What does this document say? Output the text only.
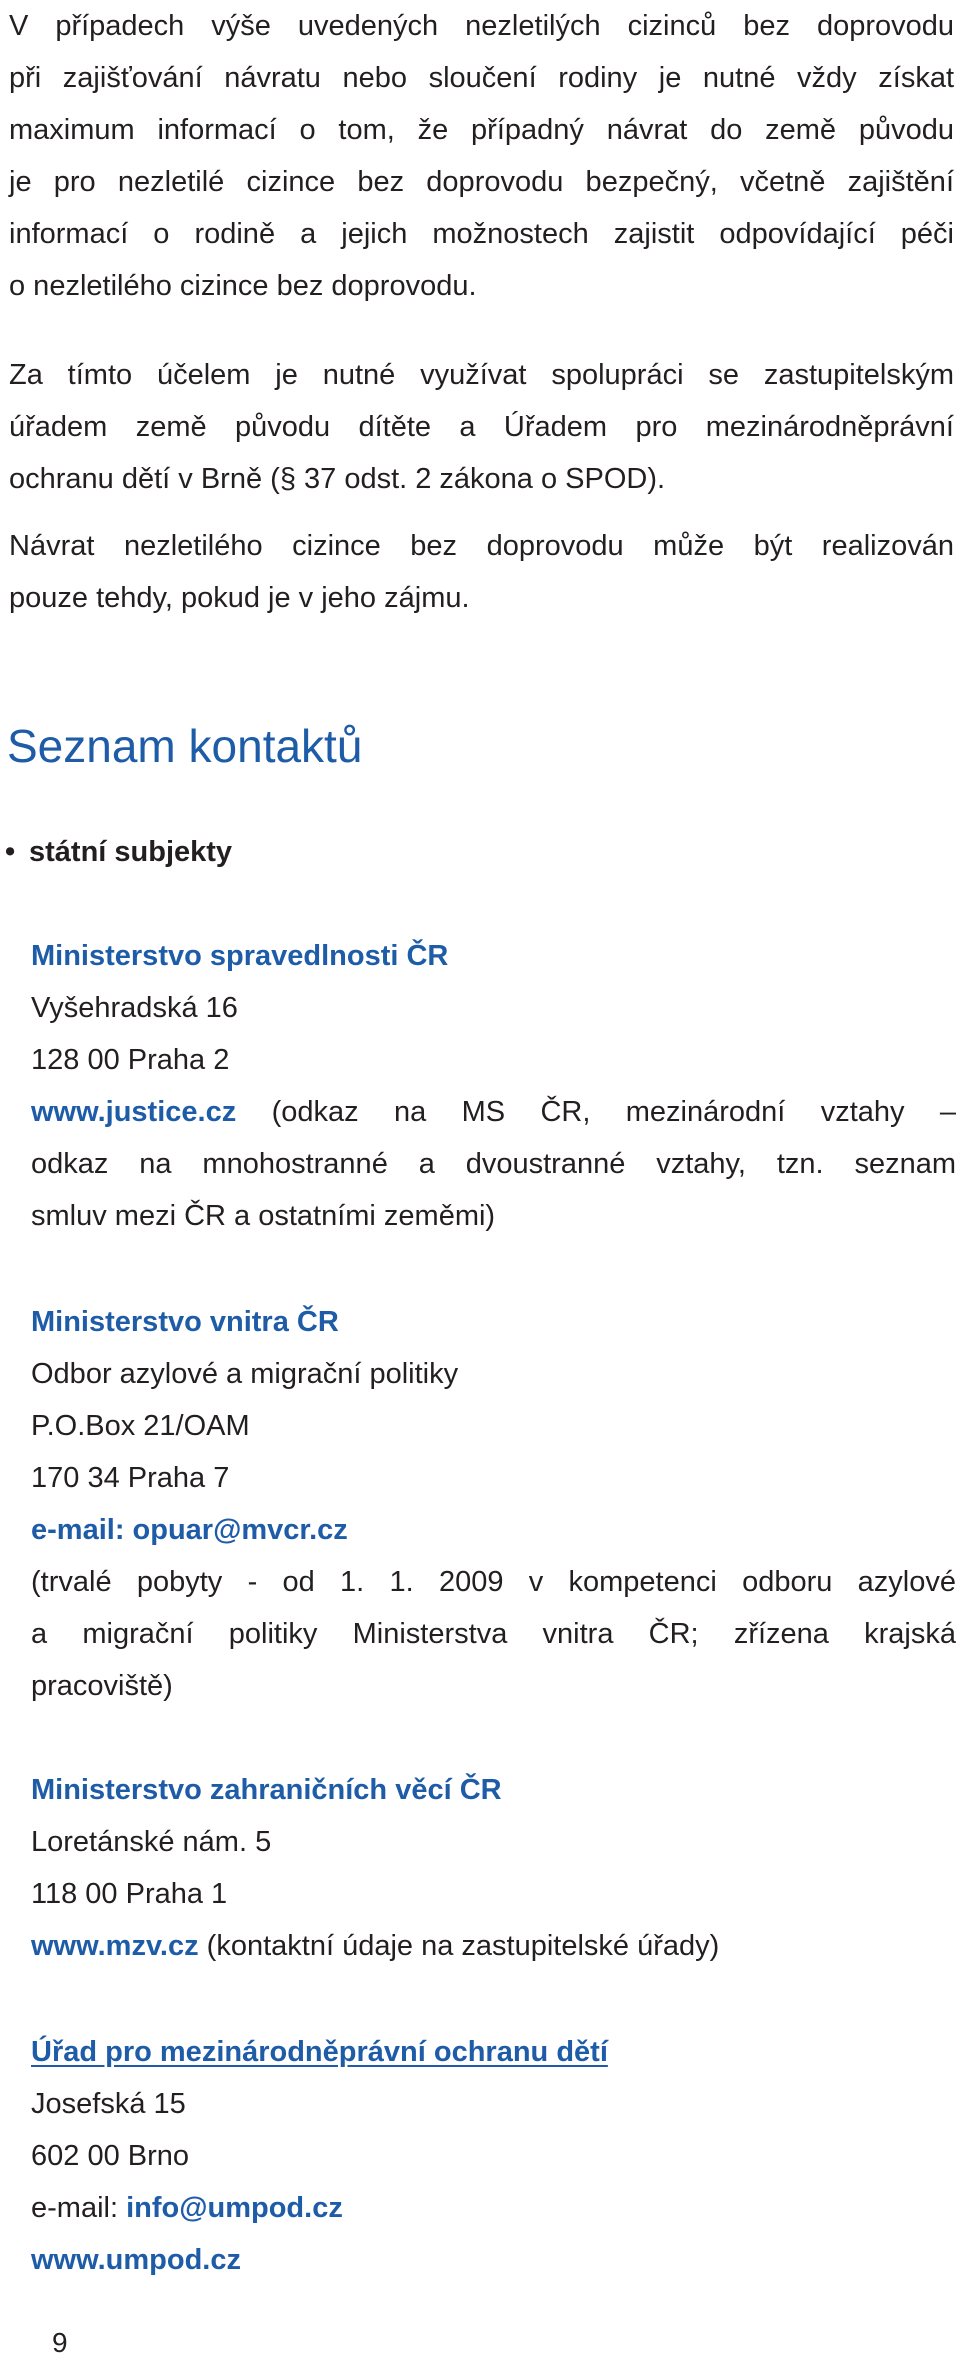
V případech výše uvedených nezletilých cizinců bez doprovodu
při zajišťování návratu nebo sloučení rodiny je nutné vždy získat
maximum informací o tom, že případný návrat do země původu
je pro nezletilé cizince bez doprovodu bezpečný, včetně zajištění
informací o rodině a jejich možnostech zajistit odpovídající péči
o nezletilého cizince bez doprovodu.

Za tímto účelem je nutné využívat spolupráci se zastupitelským
úřadem země původu dítěte a Úřadem pro mezinárodněprávní
ochranu dětí v Brně (§ 37 odst. 2 zákona o SPOD).

Návrat nezletilého cizince bez doprovodu může být realizován
pouze tehdy, pokud je v jeho zájmu.

Seznam kontaktů
• státní subjekty
Ministerstvo spravedlnosti ČR
Vyšehradská 16
128 00 Praha 2
www.justice.cz (odkaz na MS ČR, mezinárodní vztahy –
odkaz na mnohostranné a dvoustranné vztahy, tzn. seznam
smluv mezi ČR a ostatními zeměmi)
Ministerstvo vnitra ČR
Odbor azylové a migrační politiky
P.O.Box 21/OAM
170 34 Praha 7
e-mail: opuar@mvcr.cz
(trvalé pobyty - od 1. 1. 2009 v kompetenci odboru azylové
a migrační politiky Ministerstva vnitra ČR; zřízena krajská
pracoviště)
Ministerstvo zahraničních věcí ČR
Loretánské nám. 5
118 00 Praha 1
www.mzv.cz (kontaktní údaje na zastupitelské úřady)
Úřad pro mezinárodněprávní ochranu dětí
Josefská 15
602 00 Brno
e-mail: info@umpod.cz
www.umpod.cz
9
